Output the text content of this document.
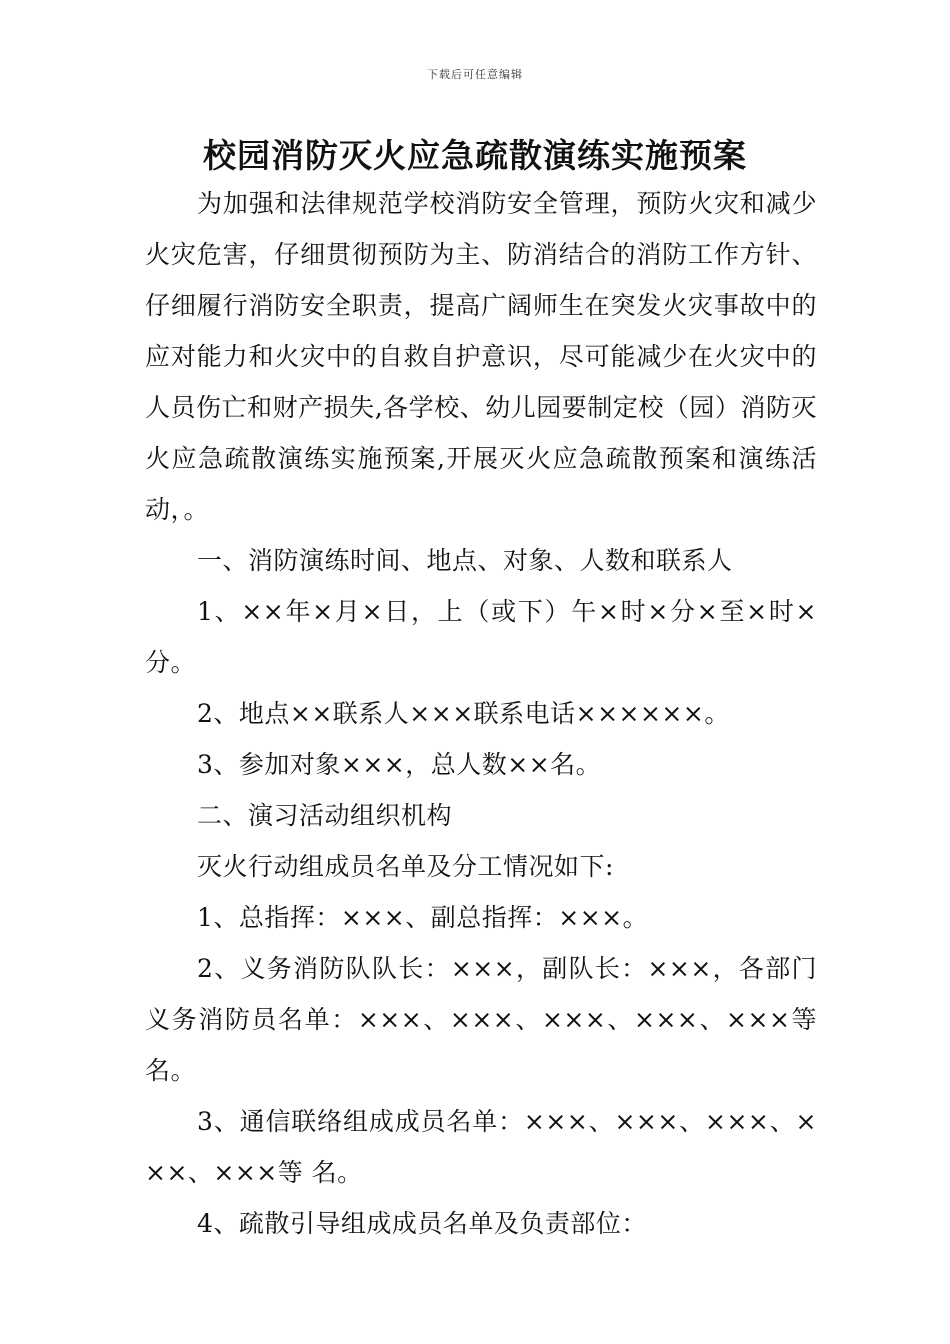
下载后可任意编辑
校园消防灭火应急疏散演练实施预案

为加强和法律规范学校消防安全管理，预防火灾和减少火灾危害，仔细贯彻预防为主、防消结合的消防工作方针、仔细履行消防安全职责，提高广阔师生在突发火灾事故中的应对能力和火灾中的自救自护意识，尽可能减少在火灾中的人员伤亡和财产损失,各学校、幼儿园要制定校（园）消防灭火应急疏散演练实施预案,开展灭火应急疏散预案和演练活动，。

一、消防演练时间、地点、对象、人数和联系人

1、××年×月×日，上（或下）午×时×分×至×时×分。

2、地点××联系人×××联系电话××××××。

3、参加对象×××，总人数××名。

二、演习活动组织机构

灭火行动组成员名单及分工情况如下:

1、总指挥：×××、副总指挥：×××。

2、义务消防队队长：×××，副队长：×××，各部门义务消防员名单：×××、×××、×××、×××、×××等 名。

3、通信联络组成成员名单：×××、×××、×××、×××、×××等 名。

4、疏散引导组成成员名单及负责部位：
